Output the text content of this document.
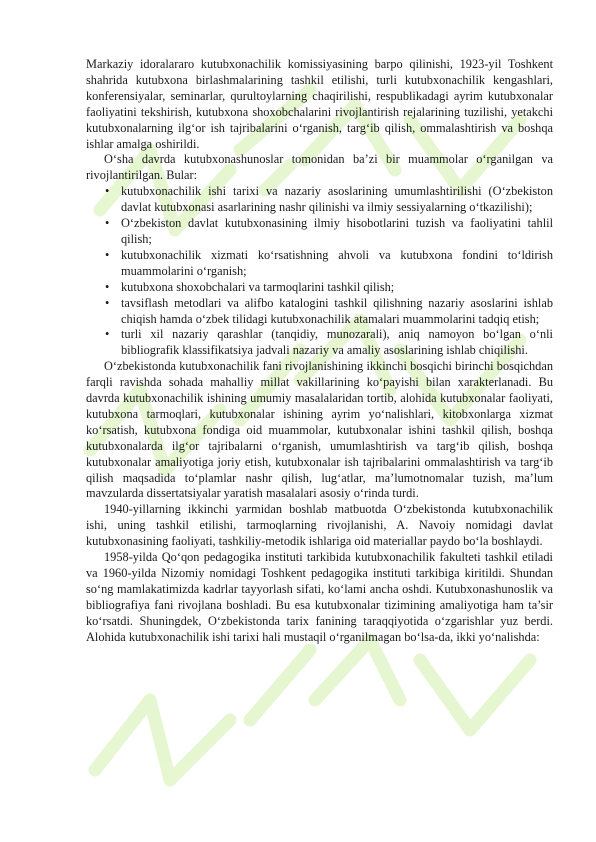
Markaziy idoralararo kutubxonachilik komissiyasining barpo qilinishi, 1923-yil Toshkent shahrida kutubxona birlashmalarining tashkil etilishi, turli kutubxonachilik kengashlari, konferensiyalar, seminarlar, qurultoylarning chaqirilishi, respublikadagi ayrim kutubxonalar faoliyatini tekshirish, kutubxona shoxobchalarini rivojlantirish rejalarining tuzilishi, yetakchi kutubxonalarning ilg‘or ish tajribalarini o‘rganish, targ‘ib qilish, ommalashtirish va boshqa ishlar amalga oshirildi.

O‘sha davrda kutubxonashunoslar tomonidan ba’zi bir muammolar o‘rganilgan va rivojlantirilgan. Bular:

• kutubxonachilik ishi tarixi va nazariy asoslarining umumlashtirilishi (O‘zbekiston davlat kutubxonasi asarlarining nashr qilinishi va ilmiy sessiyalarning o‘tkazilishi);
• O‘zbekiston davlat kutubxonasining ilmiy hisobotlarini tuzish va faoliyatini tahlil qilish;
• kutubxonachilik xizmati ko‘rsatishning ahvoli va kutubxona fondini to‘ldirish muammolarini o‘rganish;
• kutubxona shoxobchalari va tarmoqlarini tashkil qilish;
• tavsiflash metodlari va alifbo katalogini tashkil qilishning nazariy asoslarini ishlab chiqish hamda o‘zbek tilidagi kutubxonachilik atamalari muammolarini tadqiq etish;
• turli xil nazariy qarashlar (tanqidiy, munozarali), aniq namoyon bo‘lgan o‘nli bibliografik klassifikatsiya jadvali nazariy va amaliy asoslarining ishlab chiqilishi.

O‘zbekistonda kutubxonachilik fani rivojlanishining ikkinchi bosqichi birinchi bosqichdan farqli ravishda sohada mahalliy millat vakillarining ko‘payishi bilan xarakterlanadi. Bu davrda kutubxonachilik ishining umumiy masalalaridan tortib, alohida kutubxonalar faoliyati, kutubxona tarmoqlari, kutubxonalar ishining ayrim yo‘nalishlari, kitobxonlarga xizmat ko‘rsatish, kutubxona fondiga oid muammolar, kutubxonalar ishini tashkil qilish, boshqa kutubxonalarda ilg‘or tajribalarni o‘rganish, umumlashtirish va targ‘ib qilish, boshqa kutubxonalar amaliyotiga joriy etish, kutubxonalar ish tajribalarini ommalashtirish va targ‘ib qilish maqsadida to‘plamlar nashr qilish, lug‘atlar, ma’lumotnomalar tuzish, ma’lum mavzularda dissertatsiyalar yaratish masalalari asosiy o‘rinda turdi.

1940-yillarning ikkinchi yarmidan boshlab matbuotda O‘zbekistonda kutubxonachilik ishi, uning tashkil etilishi, tarmoqlarning rivojlanishi, A. Navoiy nomidagi davlat kutubxonasining faoliyati, tashkiliy-metodik ishlariga oid materiallar paydo bo‘la boshlaydi.

1958-yilda Qo‘qon pedagogika instituti tarkibida kutubxonachilik fakulteti tashkil etiladi va 1960-yilda Nizomiy nomidagi Toshkent pedagogika instituti tarkibiga kiritildi. Shundan so‘ng mamlakatimizda kadrlar tayyorlash sifati, ko‘lami ancha oshdi. Kutubxonashunoslik va bibliografiya fani rivojlana boshladi. Bu esa kutubxonalar tizimining amaliyotiga ham ta’sir ko‘rsatdi. Shuningdek, O‘zbekistonda tarix fanining taraqqiyotida o‘zgarishlar yuz berdi. Alohida kutubxonachilik ishi tarixi hali mustaqil o‘rganilmagan bo‘lsa-da, ikki yo‘nalishda:
